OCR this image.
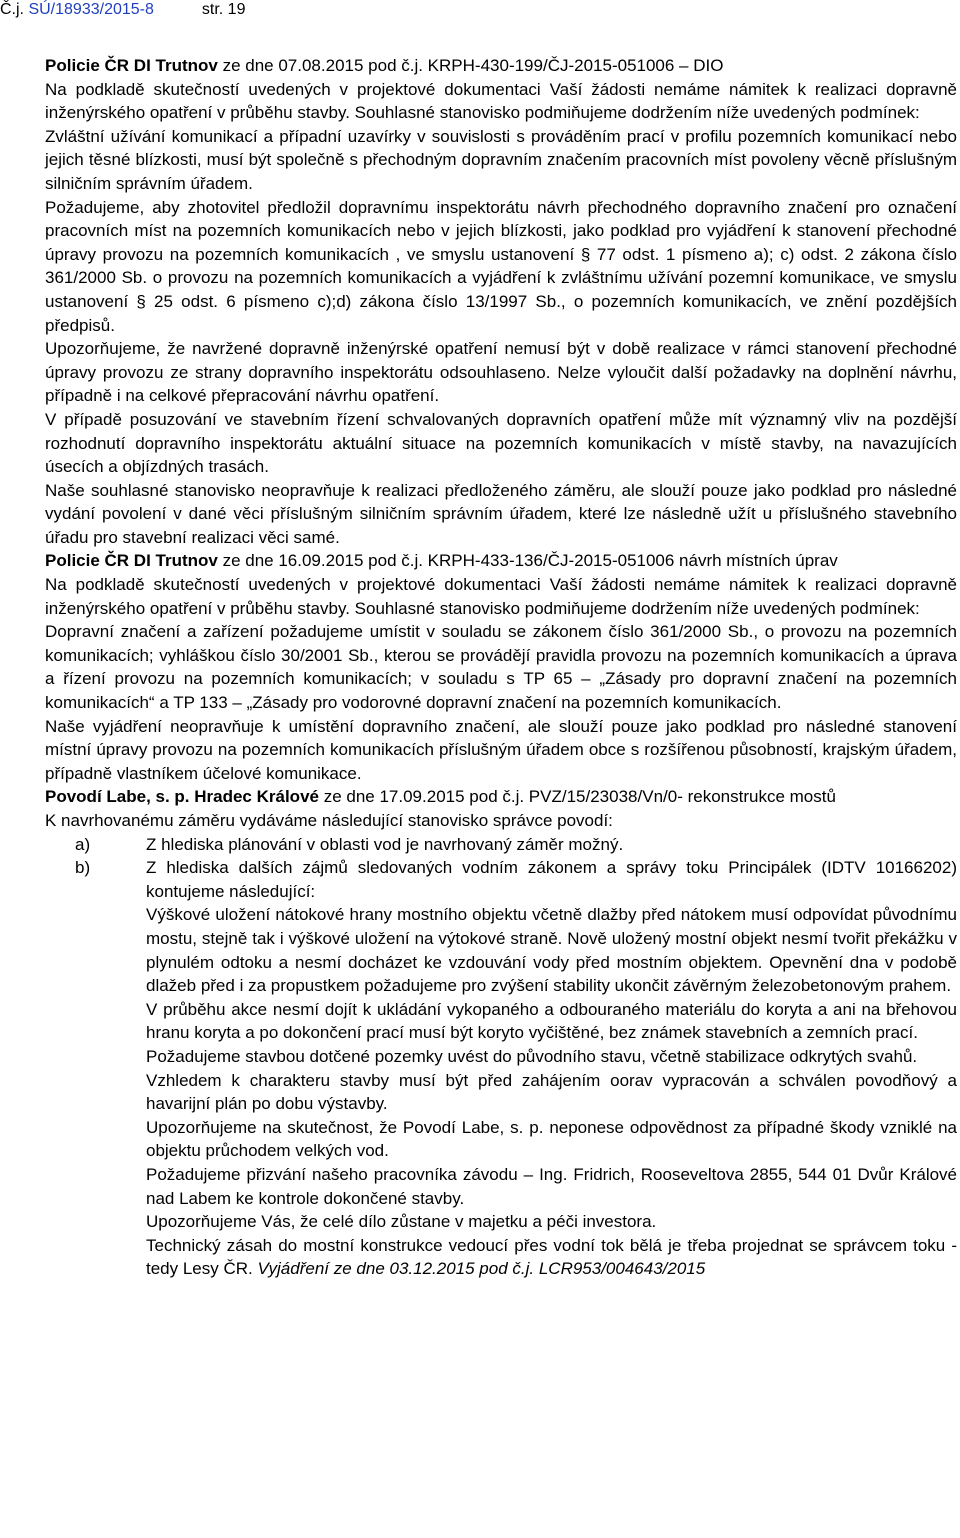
Č.j. SÚ/18933/2015-8	str. 19

Policie ČR DI Trutnov ze dne 07.08.2015 pod č.j. KRPH-430-199/ČJ-2015-051006 – DIO

Na podkladě skutečností uvedených v projektové dokumentaci Vaší žádosti nemáme námitek k realizaci dopravně inženýrského opatření v průběhu stavby. Souhlasné stanovisko podmiňujeme dodržením níže uvedených podmínek:

Zvláštní užívání komunikací a případní uzavírky v souvislosti s prováděním prací v profilu pozemních komunikací nebo jejich těsné blízkosti, musí být společně s přechodným dopravním značením pracovních míst povoleny věcně příslušným silničním správním úřadem.

Požadujeme, aby zhotovitel předložil dopravnímu inspektorátu návrh přechodného dopravního značení pro označení pracovních míst na pozemních komunikacích nebo v jejich blízkosti, jako podklad pro vyjádření k stanovení přechodné úpravy provozu na pozemních komunikacích , ve smyslu ustanovení § 77 odst. 1 písmeno a); c) odst. 2 zákona číslo 361/2000 Sb. o provozu na pozemních komunikacích a vyjádření k zvláštnímu užívání pozemní komunikace, ve smyslu ustanovení § 25 odst. 6 písmeno c);d) zákona číslo 13/1997 Sb., o pozemních komunikacích, ve znění pozdějších předpisů.

Upozorňujeme, že navržené dopravně inženýrské opatření nemusí být v době realizace v rámci stanovení přechodné úpravy provozu ze strany dopravního inspektorátu odsouhlaseno. Nelze vyloučit další požadavky na doplnění návrhu, případně i na celkové přepracování návrhu opatření.

V případě posuzování ve stavebním řízení schvalovaných dopravních opatření může mít významný vliv na pozdější rozhodnutí dopravního inspektorátu aktuální situace na pozemních komunikacích v místě stavby, na navazujících úsecích a objízdných trasách.

Naše souhlasné stanovisko neopravňuje k realizaci předloženého záměru, ale slouží pouze jako podklad pro následné vydání povolení v dané věci příslušným silničním správním úřadem, které lze následně užít u příslušného stavebního úřadu pro stavební realizaci věci samé.

Policie ČR DI Trutnov ze dne 16.09.2015 pod č.j. KRPH-433-136/ČJ-2015-051006 návrh místních úprav

Na podkladě skutečností uvedených v projektové dokumentaci Vaší žádosti nemáme námitek k realizaci dopravně inženýrského opatření v průběhu stavby. Souhlasné stanovisko podmiňujeme dodržením níže uvedených podmínek:

Dopravní značení a zařízení požadujeme umístit v souladu se zákonem číslo 361/2000 Sb., o provozu na pozemních komunikacích; vyhláškou číslo 30/2001 Sb., kterou se provádějí pravidla provozu na pozemních komunikacích a úprava a řízení provozu na pozemních komunikacích; v souladu s TP 65 – „Zásady pro dopravní značení na pozemních komunikacích“ a TP 133 – „Zásady pro vodorovné dopravní značení na pozemních komunikacích.

Naše vyjádření neopravňuje k umístění dopravního značení, ale slouží pouze jako podklad pro následné stanovení místní úpravy provozu na pozemních komunikacích příslušným úřadem obce s rozšířenou působností, krajským úřadem, případně vlastníkem účelové komunikace.

Povodí Labe, s. p. Hradec Králové ze dne 17.09.2015 pod č.j. PVZ/15/23038/Vn/0- rekonstrukce mostů

K navrhovanému záměru vydáváme následující stanovisko správce povodí:

a)	Z hlediska plánování v oblasti vod je navrhovaný záměr možný.

b)	Z hlediska dalších zájmů sledovaných vodním zákonem a správy toku Principálek (IDTV 10166202) kontujeme následující:

Výškové uložení nátokové hrany mostního objektu včetně dlažby před nátokem musí odpovídat původnímu mostu, stejně tak i výškové uložení na výtokové straně. Nově uložený mostní objekt nesmí tvořit překážku v plynulém odtoku a nesmí docházet ke vzdouvání vody před mostním objektem. Opevnění dna v podobě dlažeb před i za propustkem požadujeme pro zvýšení stability ukončit závěrným železobetonovým prahem.

V průběhu akce nesmí dojít k ukládání vykopaného a odbouraného materiálu do koryta a ani na břehovou hranu koryta a po dokončení prací musí být koryto vyčištěné, bez známek stavebních a zemních prací.

Požadujeme stavbou dotčené pozemky uvést do původního stavu, včetně stabilizace odkrytých svahů.

Vzhledem k charakteru stavby musí být před zahájením oorav vypracován a schválen povodňový a havarijní plán po dobu výstavby.

Upozorňujeme na skutečnost, že Povodí Labe, s. p. neponese odpovědnost za případné škody vzniklé na objektu průchodem velkých vod.

Požadujeme přizvání našeho pracovníka závodu – Ing. Fridrich, Rooseveltova 2855, 544 01 Dvůr Králové nad Labem ke kontrole dokončené stavby.

Upozorňujeme Vás, že celé dílo zůstane v majetku a péči investora.

Technický zásah do mostní konstrukce vedoucí přes vodní tok bělá je třeba projednat se správcem toku - tedy Lesy ČR. Vyjádření ze dne 03.12.2015 pod č.j. LCR953/004643/2015
